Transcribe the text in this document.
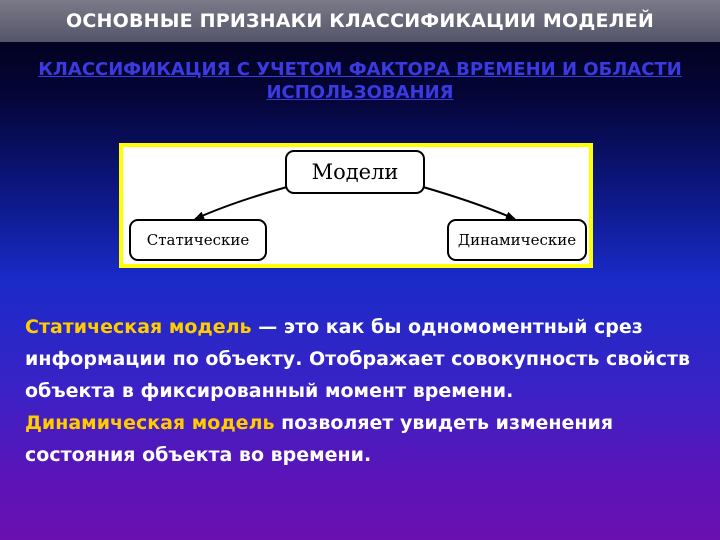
ОСНОВНЫЕ ПРИЗНАКИ КЛАССИФИКАЦИИ МОДЕЛЕЙ
КЛАССИФИКАЦИЯ С УЧЕТОМ ФАКТОРА ВРЕМЕНИ И ОБЛАСТИ ИСПОЛЬЗОВАНИЯ
Модели
Статические	Динамические

Статическая модель — это как бы одномоментный срез информации по объекту. Отображает совокупность свойств объекта в фиксированный момент времени.

Динамическая модель позволяет увидеть изменения состояния объекта во времени.
